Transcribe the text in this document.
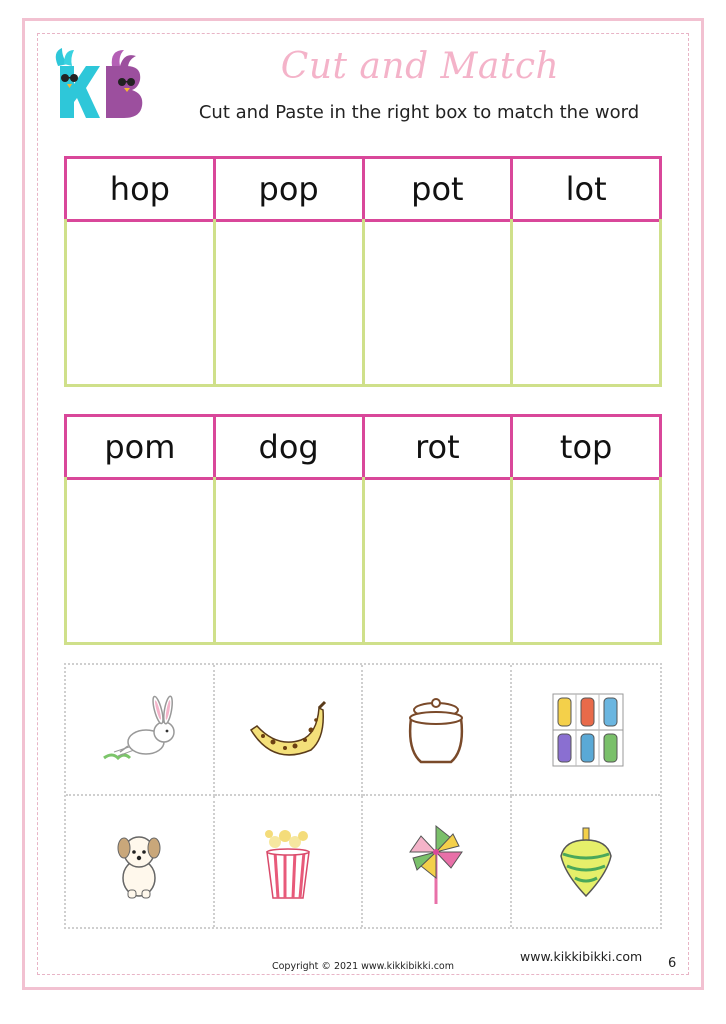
Cut and Match
Cut and Paste in the right box to match the word
hop	pop	pot	lot
pom	dog	rot	top
www.kikkibikki.com 6
Copyright © 2021 www.kikkibikki.com
